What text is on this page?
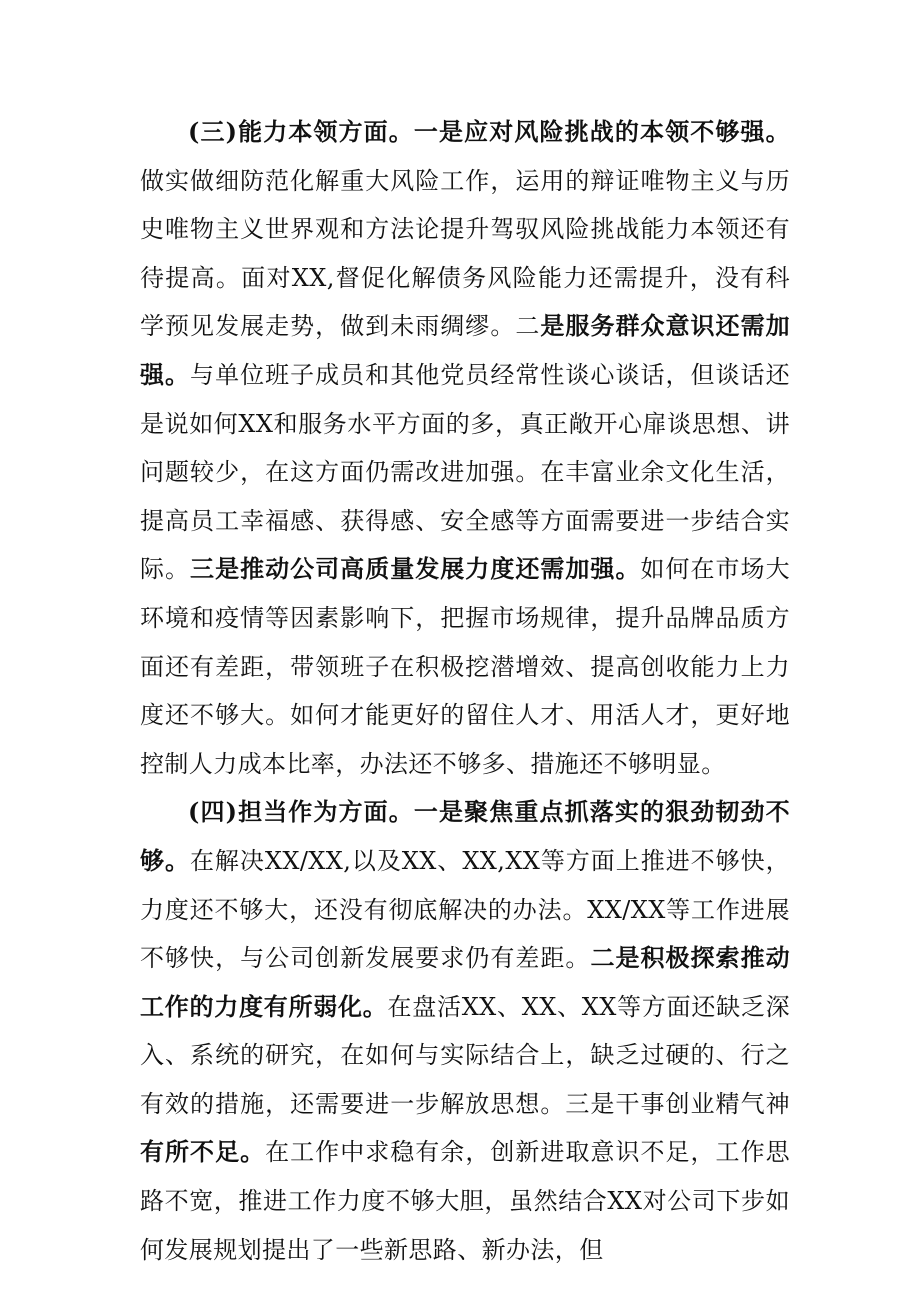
(三)能力本领方面。一是应对风险挑战的本领不够强。做实做细防范化解重大风险工作，运用的辩证唯物主义与历史唯物主义世界观和方法论提升驾驭风险挑战能力本领还有待提高。面对XX,督促化解债务风险能力还需提升，没有科学预见发展走势，做到未雨绸缪。二是服务群众意识还需加强。与单位班子成员和其他党员经常性谈心谈话，但谈话还是说如何XX和服务水平方面的多，真正敞开心扉谈思想、讲问题较少，在这方面仍需改进加强。在丰富业余文化生活，提高员工幸福感、获得感、安全感等方面需要进一步结合实际。三是推动公司高质量发展力度还需加强。如何在市场大环境和疫情等因素影响下，把握市场规律，提升品牌品质方面还有差距，带领班子在积极挖潜增效、提高创收能力上力度还不够大。如何才能更好的留住人才、用活人才，更好地控制人力成本比率，办法还不够多、措施还不够明显。

(四)担当作为方面。一是聚焦重点抓落实的狠劲韧劲不够。在解决XX/XX,以及XX、XX,XX等方面上推进不够快，力度还不够大，还没有彻底解决的办法。XX/XX等工作进展不够快，与公司创新发展要求仍有差距。二是积极探索推动工作的力度有所弱化。在盘活XX、XX、XX等方面还缺乏深入、系统的研究，在如何与实际结合上，缺乏过硬的、行之有效的措施，还需要进一步解放思想。三是干事创业精气神有所不足。在工作中求稳有余，创新进取意识不足，工作思路不宽，推进工作力度不够大胆，虽然结合XX对公司下步如何发展规划提出了一些新思路、新办法，但
